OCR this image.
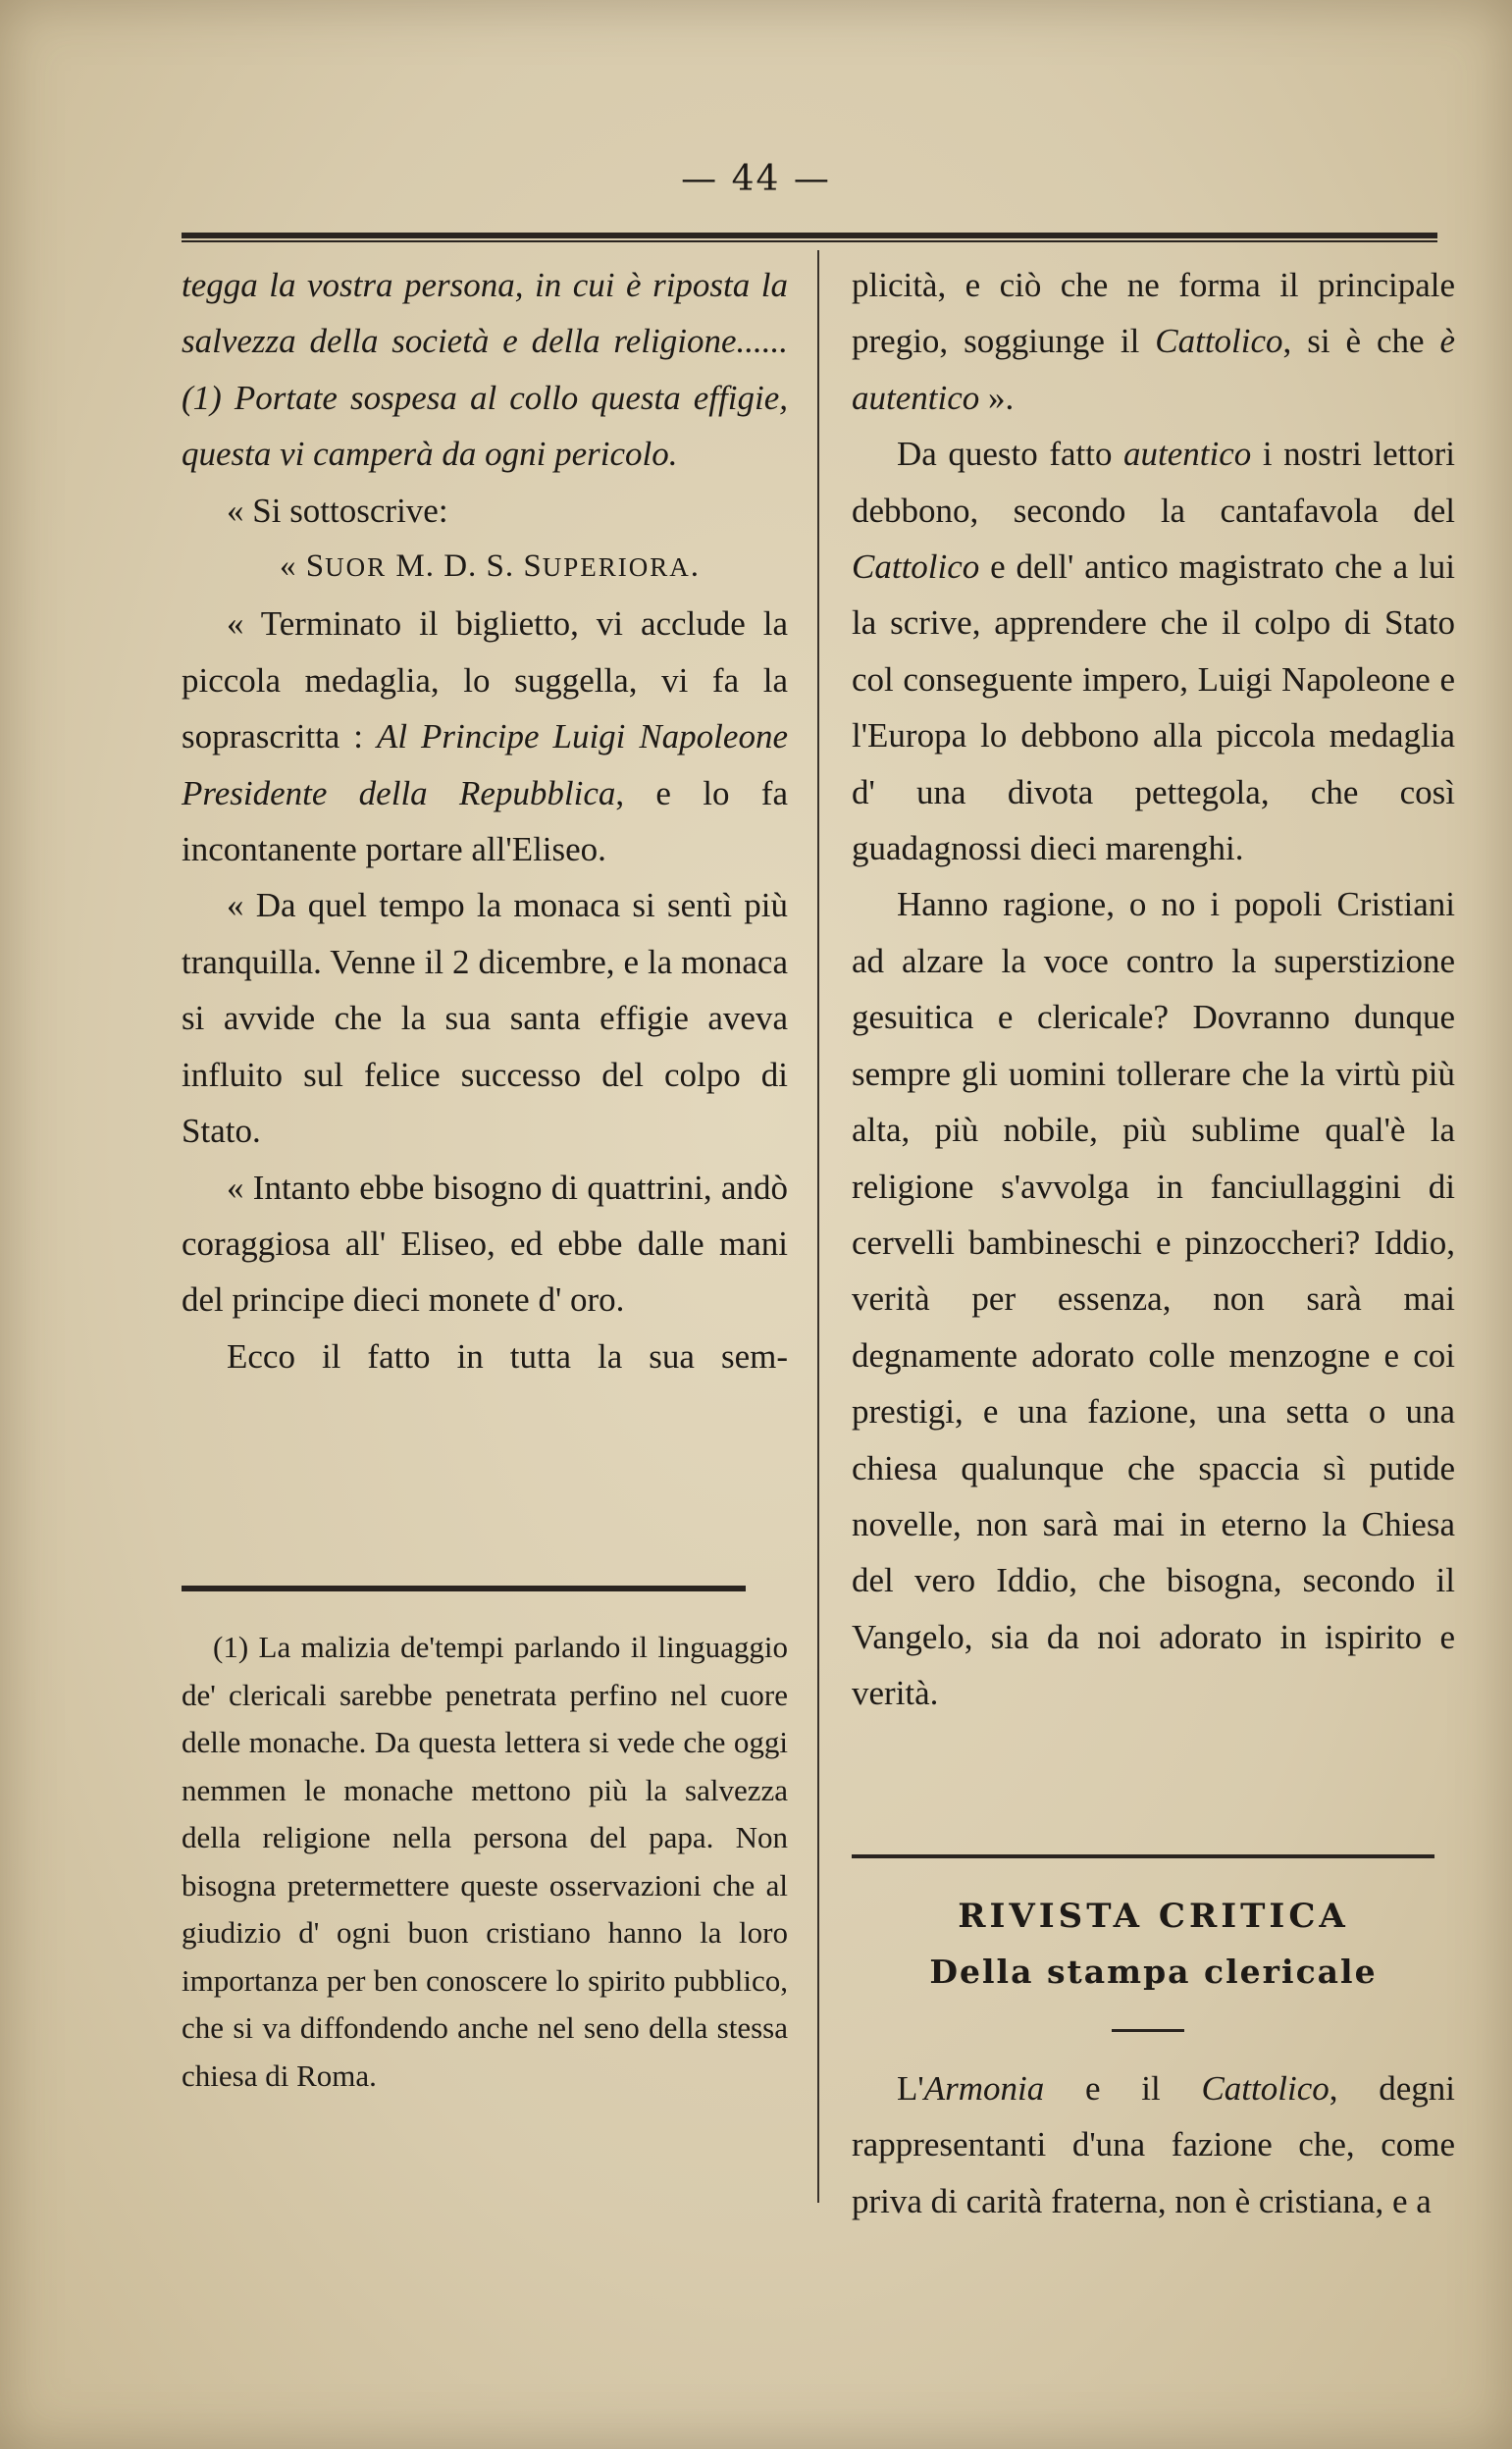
— 44 —

tegga la vostra persona, in cui è riposta la salvezza della società e della religione...... (1) Portate sospesa al collo questa effigie, questa vi camperà da ogni pericolo.

« Si sottoscrive:

« SUOR M. D. S. SUPERIORA.

« Terminato il biglietto, vi acclude la piccola medaglia, lo suggella, vi fa la soprascritta : Al Principe Luigi Napoleone Presidente della Repubblica, e lo fa incontanente portare all'Eliseo.

« Da quel tempo la monaca si sentì più tranquilla. Venne il 2 dicembre, e la monaca si avvide che la sua santa effigie aveva influito sul felice successo del colpo di Stato.

« Intanto ebbe bisogno di quattrini, andò coraggiosa all' Eliseo, ed ebbe dalle mani del principe dieci monete d' oro.

Ecco il fatto in tutta la sua sem-

(1) La malizia de'tempi parlando il linguaggio de' clericali sarebbe penetrata perfino nel cuore delle monache. Da questa lettera si vede che oggi nemmen le monache mettono più la salvezza della religione nella persona del papa. Non bisogna pretermettere queste osservazioni che al giudizio d' ogni buon cristiano hanno la loro importanza per ben conoscere lo spirito pubblico, che si va diffondendo anche nel seno della stessa chiesa di Roma.

plicità, e ciò che ne forma il principale pregio, soggiunge il Cattolico, si è che è autentico ».

Da questo fatto autentico i nostri lettori debbono, secondo la cantafavola del Cattolico e dell' antico magistrato che a lui la scrive, apprendere che il colpo di Stato col conseguente impero, Luigi Napoleone e l'Europa lo debbono alla piccola medaglia d' una divota pettegola, che così guadagnossi dieci marenghi.

Hanno ragione, o no i popoli Cristiani ad alzare la voce contro la superstizione gesuitica e clericale? Dovranno dunque sempre gli uomini tollerare che la virtù più alta, più nobile, più sublime qual'è la religione s'avvolga in fanciullaggini di cervelli bambineschi e pinzoccheri? Iddio, verità per essenza, non sarà mai degnamente adorato colle menzogne e coi prestigi, e una fazione, una setta o una chiesa qualunque che spaccia sì putide novelle, non sarà mai in eterno la Chiesa del vero Iddio, che bisogna, secondo il Vangelo, sia da noi adorato in ispirito e verità.

RIVISTA CRITICA
Della stampa clericale

L'Armonia e il Cattolico, degni rappresentanti d'una fazione che, come priva di carità fraterna, non è cristiana, e a
